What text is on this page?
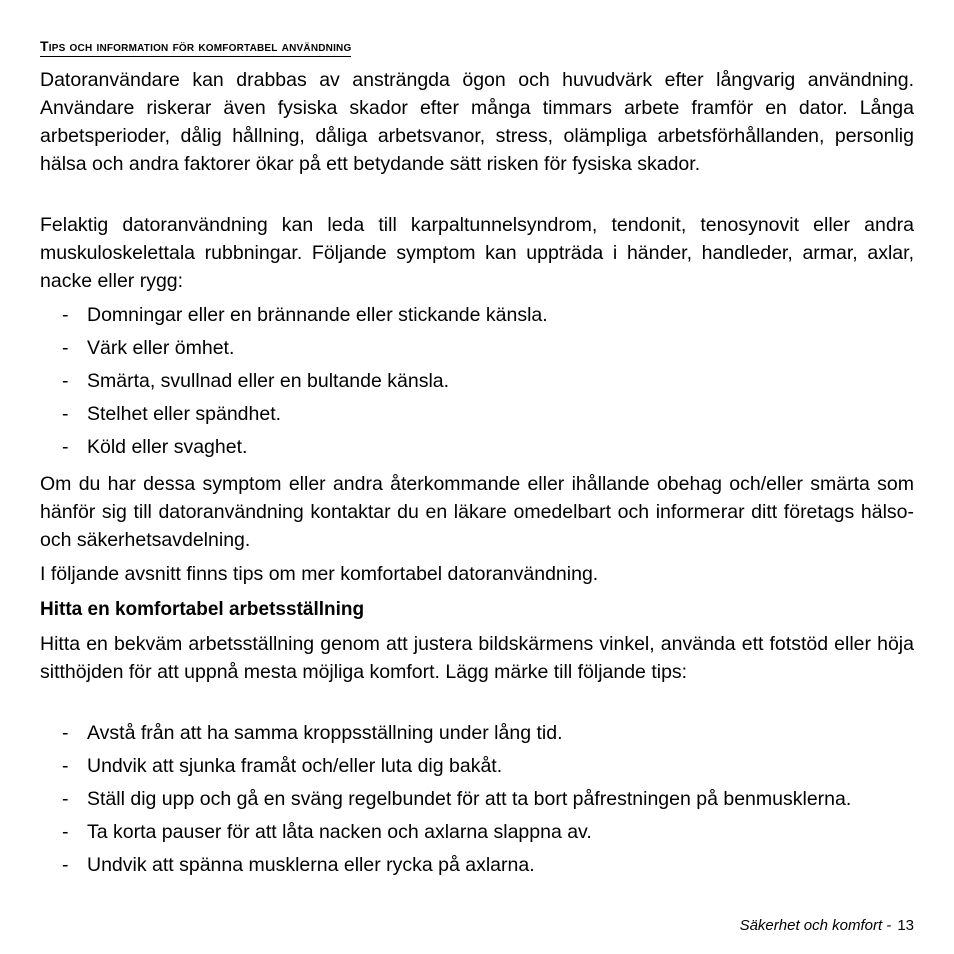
Tips och information för komfortabel användning

Datoranvändare kan drabbas av ansträngda ögon och huvudvärk efter långvarig användning. Användare riskerar även fysiska skador efter många timmars arbete framför en dator. Långa arbetsperioder, dålig hållning, dåliga arbetsvanor, stress, olämpliga arbetsförhållanden, personlig hälsa och andra faktorer ökar på ett betydande sätt risken för fysiska skador.

Felaktig datoranvändning kan leda till karpaltunnelsyndrom, tendonit, tenosynovit eller andra muskuloskelettala rubbningar. Följande symptom kan uppträda i händer, handleder, armar, axlar, nacke eller rygg:

- Domningar eller en brännande eller stickande känsla.
- Värk eller ömhet.
- Smärta, svullnad eller en bultande känsla.
- Stelhet eller spändhet.
- Köld eller svaghet.

Om du har dessa symptom eller andra återkommande eller ihållande obehag och/eller smärta som hänför sig till datoranvändning kontaktar du en läkare omedelbart och informerar ditt företags hälso- och säkerhetsavdelning.

I följande avsnitt finns tips om mer komfortabel datoranvändning.

Hitta en komfortabel arbetsställning

Hitta en bekväm arbetsställning genom att justera bildskärmens vinkel, använda ett fotstöd eller höja sitthöjden för att uppnå mesta möjliga komfort. Lägg märke till följande tips:

- Avstå från att ha samma kroppsställning under lång tid.
- Undvik att sjunka framåt och/eller luta dig bakåt.
- Ställ dig upp och gå en sväng regelbundet för att ta bort påfrestningen på benmusklerna.
- Ta korta pauser för att låta nacken och axlarna slappna av.
- Undvik att spänna musklerna eller rycka på axlarna.
Säkerhet och komfort - 13
